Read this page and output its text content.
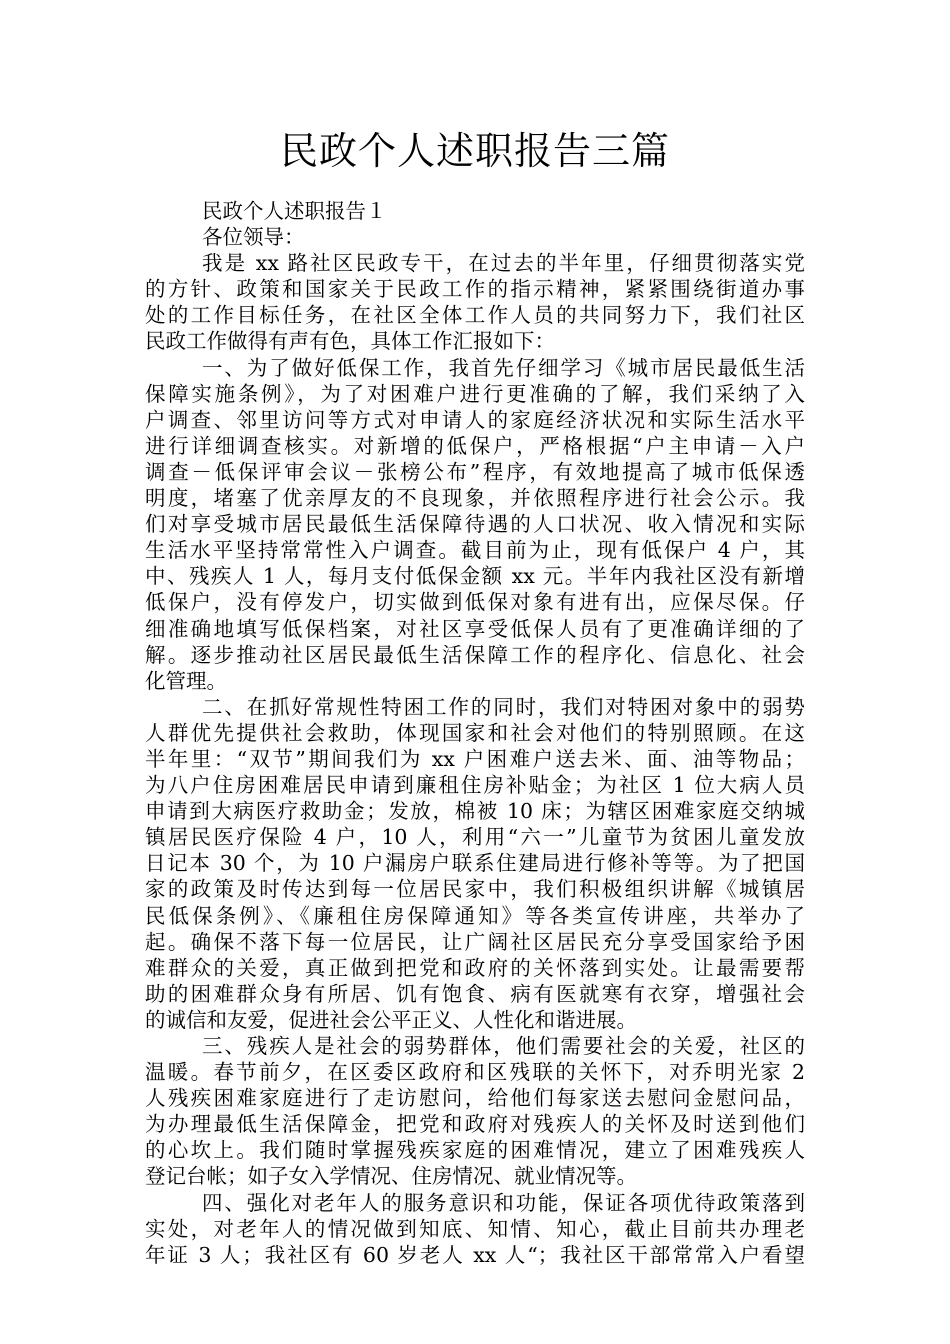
民政个人述职报告三篇

民政个人述职报告１

各位领导：

我是 xx 路社区民政专干，在过去的半年里，仔细贯彻落实党

的方针、政策和国家关于民政工作的指示精神，紧紧围绕街道办事

处的工作目标任务，在社区全体工作人员的共同努力下，我们社区

民政工作做得有声有色，具体工作汇报如下：

一、为了做好低保工作，我首先仔细学习《城市居民最低生活

保障实施条例》，为了对困难户进行更准确的了解，我们采纳了入

户调查、邻里访问等方式对申请人的家庭经济状况和实际生活水平

进行详细调查核实。对新增的低保户，严格根据“户主申请－入户

调查－低保评审会议－张榜公布”程序，有效地提高了城市低保透

明度，堵塞了优亲厚友的不良现象，并依照程序进行社会公示。我

们对享受城市居民最低生活保障待遇的人口状况、收入情况和实际

生活水平坚持常常性入户调查。截目前为止，现有低保户 4 户，其

中、残疾人 1 人，每月支付低保金额 xx 元。半年内我社区没有新增

低保户，没有停发户，切实做到低保对象有进有出，应保尽保。仔

细准确地填写低保档案，对社区享受低保人员有了更准确详细的了

解。逐步推动社区居民最低生活保障工作的程序化、信息化、社会

化管理。

二、在抓好常规性特困工作的同时，我们对特困对象中的弱势

人群优先提供社会救助，体现国家和社会对他们的特别照顾。在这

半年里：“双节”期间我们为 xx 户困难户送去米、面、油等物品；

为八户住房困难居民申请到廉租住房补贴金；为社区 1 位大病人员

申请到大病医疗救助金；发放，棉被 10 床；为辖区困难家庭交纳城

镇居民医疗保险 4 户，10 人，利用“六一”儿童节为贫困儿童发放

日记本 30 个，为 10 户漏房户联系住建局进行修补等等。为了把国

家的政策及时传达到每一位居民家中，我们积极组织讲解《城镇居

民低保条例》、《廉租住房保障通知》等各类宣传讲座，共举办了

起。确保不落下每一位居民，让广阔社区居民充分享受国家给予困

难群众的关爱，真正做到把党和政府的关怀落到实处。让最需要帮

助的困难群众身有所居、饥有饱食、病有医就寒有衣穿，增强社会

的诚信和友爱，促进社会公平正义、人性化和谐进展。

三、残疾人是社会的弱势群体，他们需要社会的关爱，社区的

温暖。春节前夕，在区委区政府和区残联的关怀下，对乔明光家 2

人残疾困难家庭进行了走访慰问，给他们每家送去慰问金慰问品，

为办理最低生活保障金，把党和政府对残疾人的关怀及时送到他们

的心坎上。我们随时掌握残疾家庭的困难情况，建立了困难残疾人

登记台帐；如子女入学情况、住房情况、就业情况等。

四、强化对老年人的服务意识和功能，保证各项优待政策落到

实处，对老年人的情况做到知底、知情、知心，截止目前共办理老

年证 3 人；我社区有 60 岁老人 xx 人“；我社区干部常常入户看望
